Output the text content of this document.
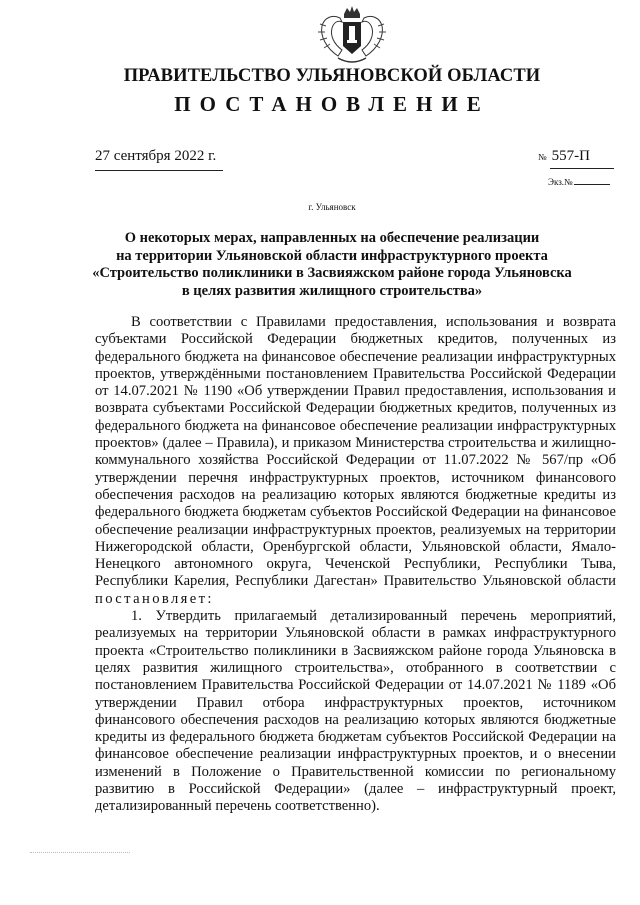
ПРАВИТЕЛЬСТВО УЛЬЯНОВСКОЙ ОБЛАСТИ
ПОСТАНОВЛЕНИЕ
27 сентября 2022 г.	№ 557-П
Экз.№
г. Ульяновск
О некоторых мерах, направленных на обеспечение реализации
на территории Ульяновской области инфраструктурного проекта
«Строительство поликлиники в Засвияжском районе города Ульяновска
в целях развития жилищного строительства»

В соответствии с Правилами предоставления, использования и возврата субъектами Российской Федерации бюджетных кредитов, полученных из федерального бюджета на финансовое обеспечение реализации инфраструктурных проектов, утверждёнными постановлением Правительства Российской Федерации от 14.07.2021 № 1190 «Об утверждении Правил предоставления, использования и возврата субъектами Российской Федерации бюджетных кредитов, полученных из федерального бюджета на финансовое обеспечение реализации инфраструктурных проектов» (далее – Правила), и приказом Министерства строительства и жилищно-коммунального хозяйства Российской Федерации от 11.07.2022 № 567/пр «Об утверждении перечня инфраструктурных проектов, источником финансового обеспечения расходов на реализацию которых являются бюджетные кредиты из федерального бюджета бюджетам субъектов Российской Федерации на финансовое обеспечение реализации инфраструктурных проектов, реализуемых на территории Нижегородской области, Оренбургской области, Ульяновской области, Ямало-Ненецкого автономного округа, Чеченской Республики, Республики Тыва, Республики Карелия, Республики Дагестан» Правительство Ульяновской области постановляет:

1. Утвердить прилагаемый детализированный перечень мероприятий, реализуемых на территории Ульяновской области в рамках инфраструктурного проекта «Строительство поликлиники в Засвияжском районе города Ульяновска в целях развития жилищного строительства», отобранного в соответствии с постановлением Правительства Российской Федерации от 14.07.2021 № 1189 «Об утверждении Правил отбора инфраструктурных проектов, источником финансового обеспечения расходов на реализацию которых являются бюджетные кредиты из федерального бюджета бюджетам субъектов Российской Федерации на финансовое обеспечение реализации инфраструктурных проектов, и о внесении изменений в Положение о Правительственной комиссии по региональному развитию в Российской Федерации» (далее – инфраструктурный проект, детализированный перечень соответственно).
